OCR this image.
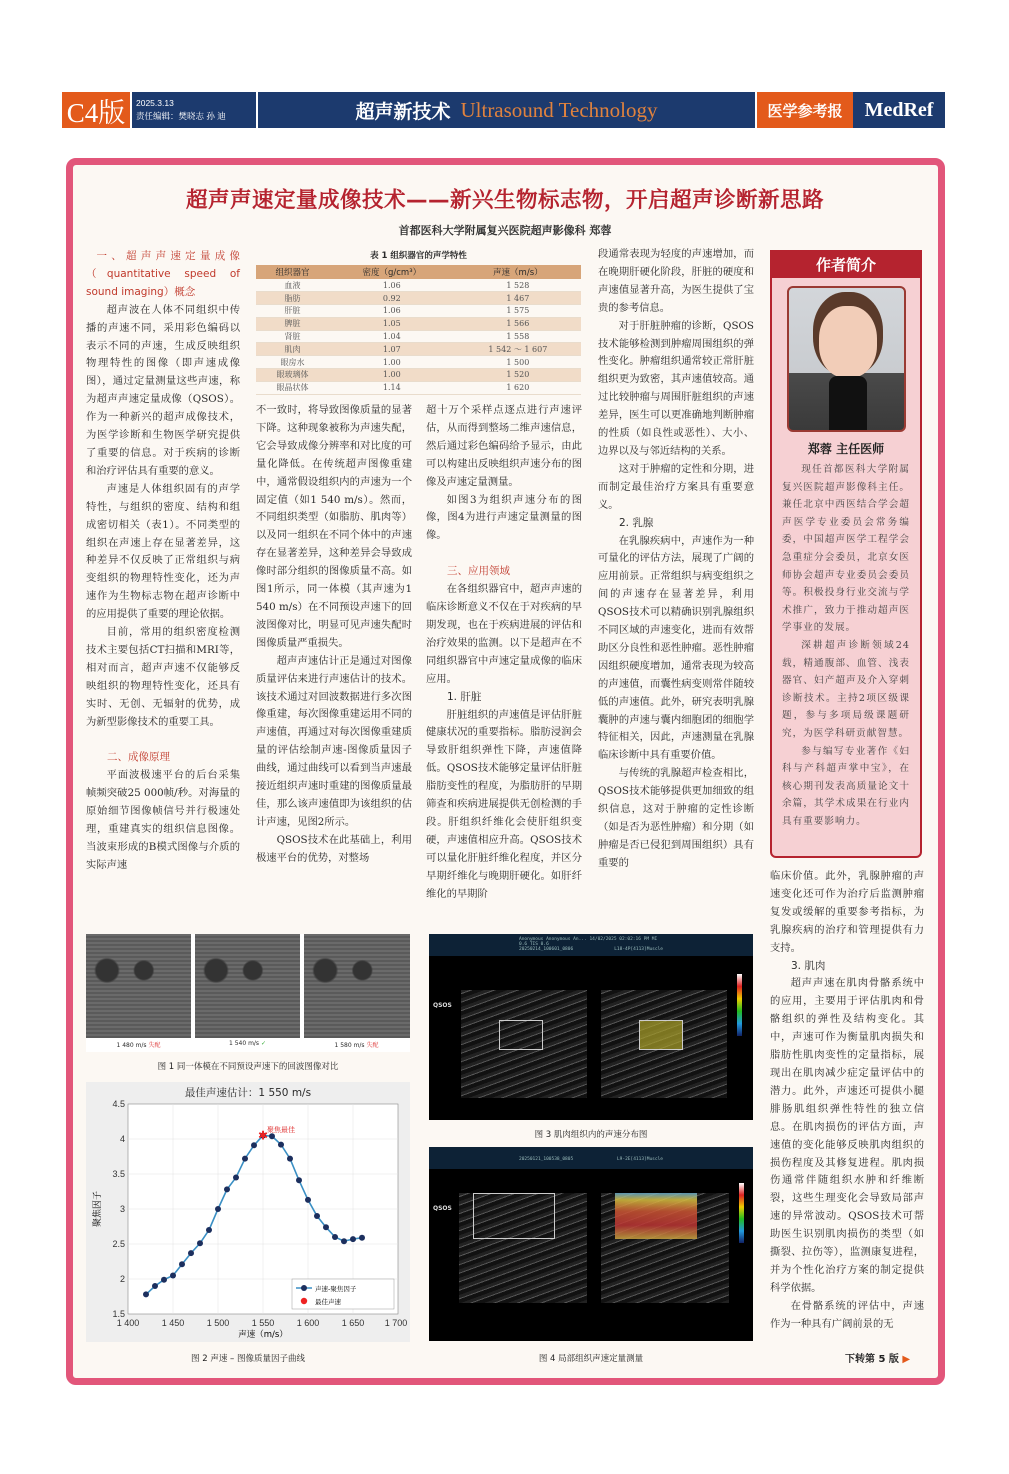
C4版	2025.3.13
责任编辑：樊晓志 孙 迪	超声新技术 Ultrasound Technology	医学参考报	MedRef
超声声速定量成像技术——新兴生物标志物，开启超声诊断新思路
首都医科大学附属复兴医院超声影像科 郑蓉
一、超声声速定量成像（quantitative speed of sound imaging）概念

超声波在人体不同组织中传播的声速不同，采用彩色编码以表示不同的声速，生成反映组织物理特性的图像（即声速成像图），通过定量测量这些声速，称为超声声速定量成像（QSOS）。作为一种新兴的超声成像技术，为医学诊断和生物医学研究提供了重要的信息。对于疾病的诊断和治疗评估具有重要的意义。

声速是人体组织固有的声学特性，与组织的密度、结构和组成密切相关（表1）。不同类型的组织在声速上存在显著差异，这种差异不仅反映了正常组织与病变组织的物理特性变化，还为声速作为生物标志物在超声诊断中的应用提供了重要的理论依据。

目前，常用的组织密度检测技术主要包括CT扫描和MRI等，相对而言，超声声速不仅能够反映组织的物理特性变化，还具有实时、无创、无辐射的优势，成为新型影像技术的重要工具。

二、成像原理

平面波极速平台的后台采集帧频突破25 000帧/秒。对海量的原始细节图像帧信号并行极速处理，重建真实的组织信息图像。当波束形成的B模式图像与介质的实际声速

表 1 组织器官的声学特性
组织器官	密度（g/cm³）	声速（m/s）
血液	1.06	1 528
脂肪	0.92	1 467
肝脏	1.06	1 575
脾脏	1.05	1 566
肾脏	1.04	1 558
肌肉	1.07	1 542 ～ 1 607
眼房水	1.00	1 500
眼玻璃体	1.00	1 520
眼晶状体	1.14	1 620

不一致时，将导致图像质量的显著下降。这种现象被称为声速失配，它会导致成像分辨率和对比度的可量化降低。在传统超声图像重建中，通常假设组织内的声速为一个固定值（如1 540 m/s）。然而，不同组织类型（如脂肪、肌肉等）以及同一组织在不同个体中的声速存在显著差异，这种差异会导致成像时部分组织的图像质量不高。如图1所示，同一体模（其声速为1 540 m/s）在不同预设声速下的回波图像对比，明显可见声速失配时图像质量严重损失。

超声声速估计正是通过对图像质量评估来进行声速估计的技术。该技术通过对回波数据进行多次图像重建，每次图像重建运用不同的声速值，再通过对每次图像重建质量的评估绘制声速-图像质量因子曲线，通过曲线可以看到当声速最接近组织声速时重建的图像质量最佳，那么该声速值即为该组织的估计声速，见图2所示。

QSOS技术在此基础上，利用极速平台的优势，对整场

超十万个采样点逐点进行声速评估，从而得到整场二维声速信息，然后通过彩色编码给予显示，由此可以构建出反映组织声速分布的图像及声速定量测量。

如图3为组织声速分布的图像，图4为进行声速定量测量的图像。

三、应用领域

在各组织器官中，超声声速的临床诊断意义不仅在于对疾病的早期发现，也在于疾病进展的评估和治疗效果的监测。以下是超声在不同组织器官中声速定量成像的临床应用。

1. 肝脏

肝脏组织的声速值是评估肝脏健康状况的重要指标。脂肪浸润会导致肝组织弹性下降，声速值降低。QSOS技术能够定量评估肝脏脂肪变性的程度，为脂肪肝的早期筛查和疾病进展提供无创检测的手段。肝组织纤维化会使肝组织变硬，声速值相应升高。QSOS技术可以量化肝脏纤维化程度，并区分早期纤维化与晚期肝硬化。如肝纤维化的早期阶

段通常表现为轻度的声速增加，而在晚期肝硬化阶段，肝脏的硬度和声速值显著升高，为医生提供了宝贵的参考信息。

对于肝脏肿瘤的诊断，QSOS技术能够检测到肿瘤周围组织的弹性变化。肿瘤组织通常较正常肝脏组织更为致密，其声速值较高。通过比较肿瘤与周围肝脏组织的声速差异，医生可以更准确地判断肿瘤的性质（如良性或恶性）、大小、边界以及与邻近结构的关系。

这对于肿瘤的定性和分期，进而制定最佳治疗方案具有重要意义。

2. 乳腺

在乳腺疾病中，声速作为一种可量化的评估方法，展现了广阔的应用前景。正常组织与病变组织之间的声速存在显著差异，利用QSOS技术可以精确识别乳腺组织不同区域的声速变化，进而有效帮助区分良性和恶性肿瘤。恶性肿瘤因组织硬度增加，通常表现为较高的声速值，而囊性病变则常伴随较低的声速值。此外，研究表明乳腺囊肿的声速与囊内细胞团的细胞学特征相关，因此，声速测量在乳腺临床诊断中具有重要价值。

与传统的乳腺超声检查相比，QSOS技术能够提供更加细致的组织信息，这对于肿瘤的定性诊断（如是否为恶性肿瘤）和分期（如肿瘤是否已侵犯到周围组织）具有重要的

作者简介
郑蓉 主任医师

现任首都医科大学附属复兴医院超声影像科主任。兼任北京中西医结合学会超声医学专业委员会常务编委，中国超声医学工程学会急重症分会委员，北京女医师协会超声专业委员会委员等。积极投身行业交流与学术推广，致力于推动超声医学事业的发展。

深耕超声诊断领域24载，精通腹部、血管、浅表器官、妇产超声及介入穿刺诊断技术。主持2项区级课题，参与多项局级课题研究，为医学科研贡献智慧。

参与编写专业著作《妇科与产科超声掌中宝》，在核心期刊发表高质量论文十余篇，其学术成果在行业内具有重要影响力。

临床价值。此外，乳腺肿瘤的声速变化还可作为治疗后监测肿瘤复发或缓解的重要参考指标，为乳腺疾病的治疗和管理提供有力支持。

3. 肌肉

超声声速在肌肉骨骼系统中的应用，主要用于评估肌肉和骨骼组织的弹性及结构变化。其中，声速可作为衡量肌肉损失和脂肪性肌肉变性的定量指标，展现出在肌肉减少症定量评估中的潜力。此外，声速还可提供小腿腓肠肌组织弹性特性的独立信息。在肌肉损伤的评估方面，声速值的变化能够反映肌肉组织的损伤程度及其修复进程。肌肉损伤通常伴随组织水肿和纤维断裂，这些生理变化会导致局部声速的异常波动。QSOS技术可帮助医生识别肌肉损伤的类型（如撕裂、拉伤等），监测康复进程，并为个性化治疗方案的制定提供科学依据。

在骨骼系统的评估中，声速作为一种具有广阔前景的无

下转第 5 版 ▶
1 480 m/s 失配	1 540 m/s ✓	1 580 m/s 失配
图 1 同一体模在不同预设声速下的回波图像对比
最佳声速估计：1 550 m/s
1.5
2
2.5
3
3.5
4
4.5
1 400 1 450 1 500 1 550 1 600 1 650 1 700
声速（m/s）
聚焦因子
✱
聚焦最佳
声速-聚焦因子
最佳声速
图 2 声速 – 图像质量因子曲线
Anonymous Anonymous An... 14/02/2025 02:02:16 PM MI 0.6 TIS 0.6
20250214_100601_0806	L18-4P[4113]Muscle
QSOS
图 3 肌肉组织内的声速分布图
20250121_100538_0805	L9-2E[4113]Muscle
QSOS
图 4 局部组织声速定量测量
